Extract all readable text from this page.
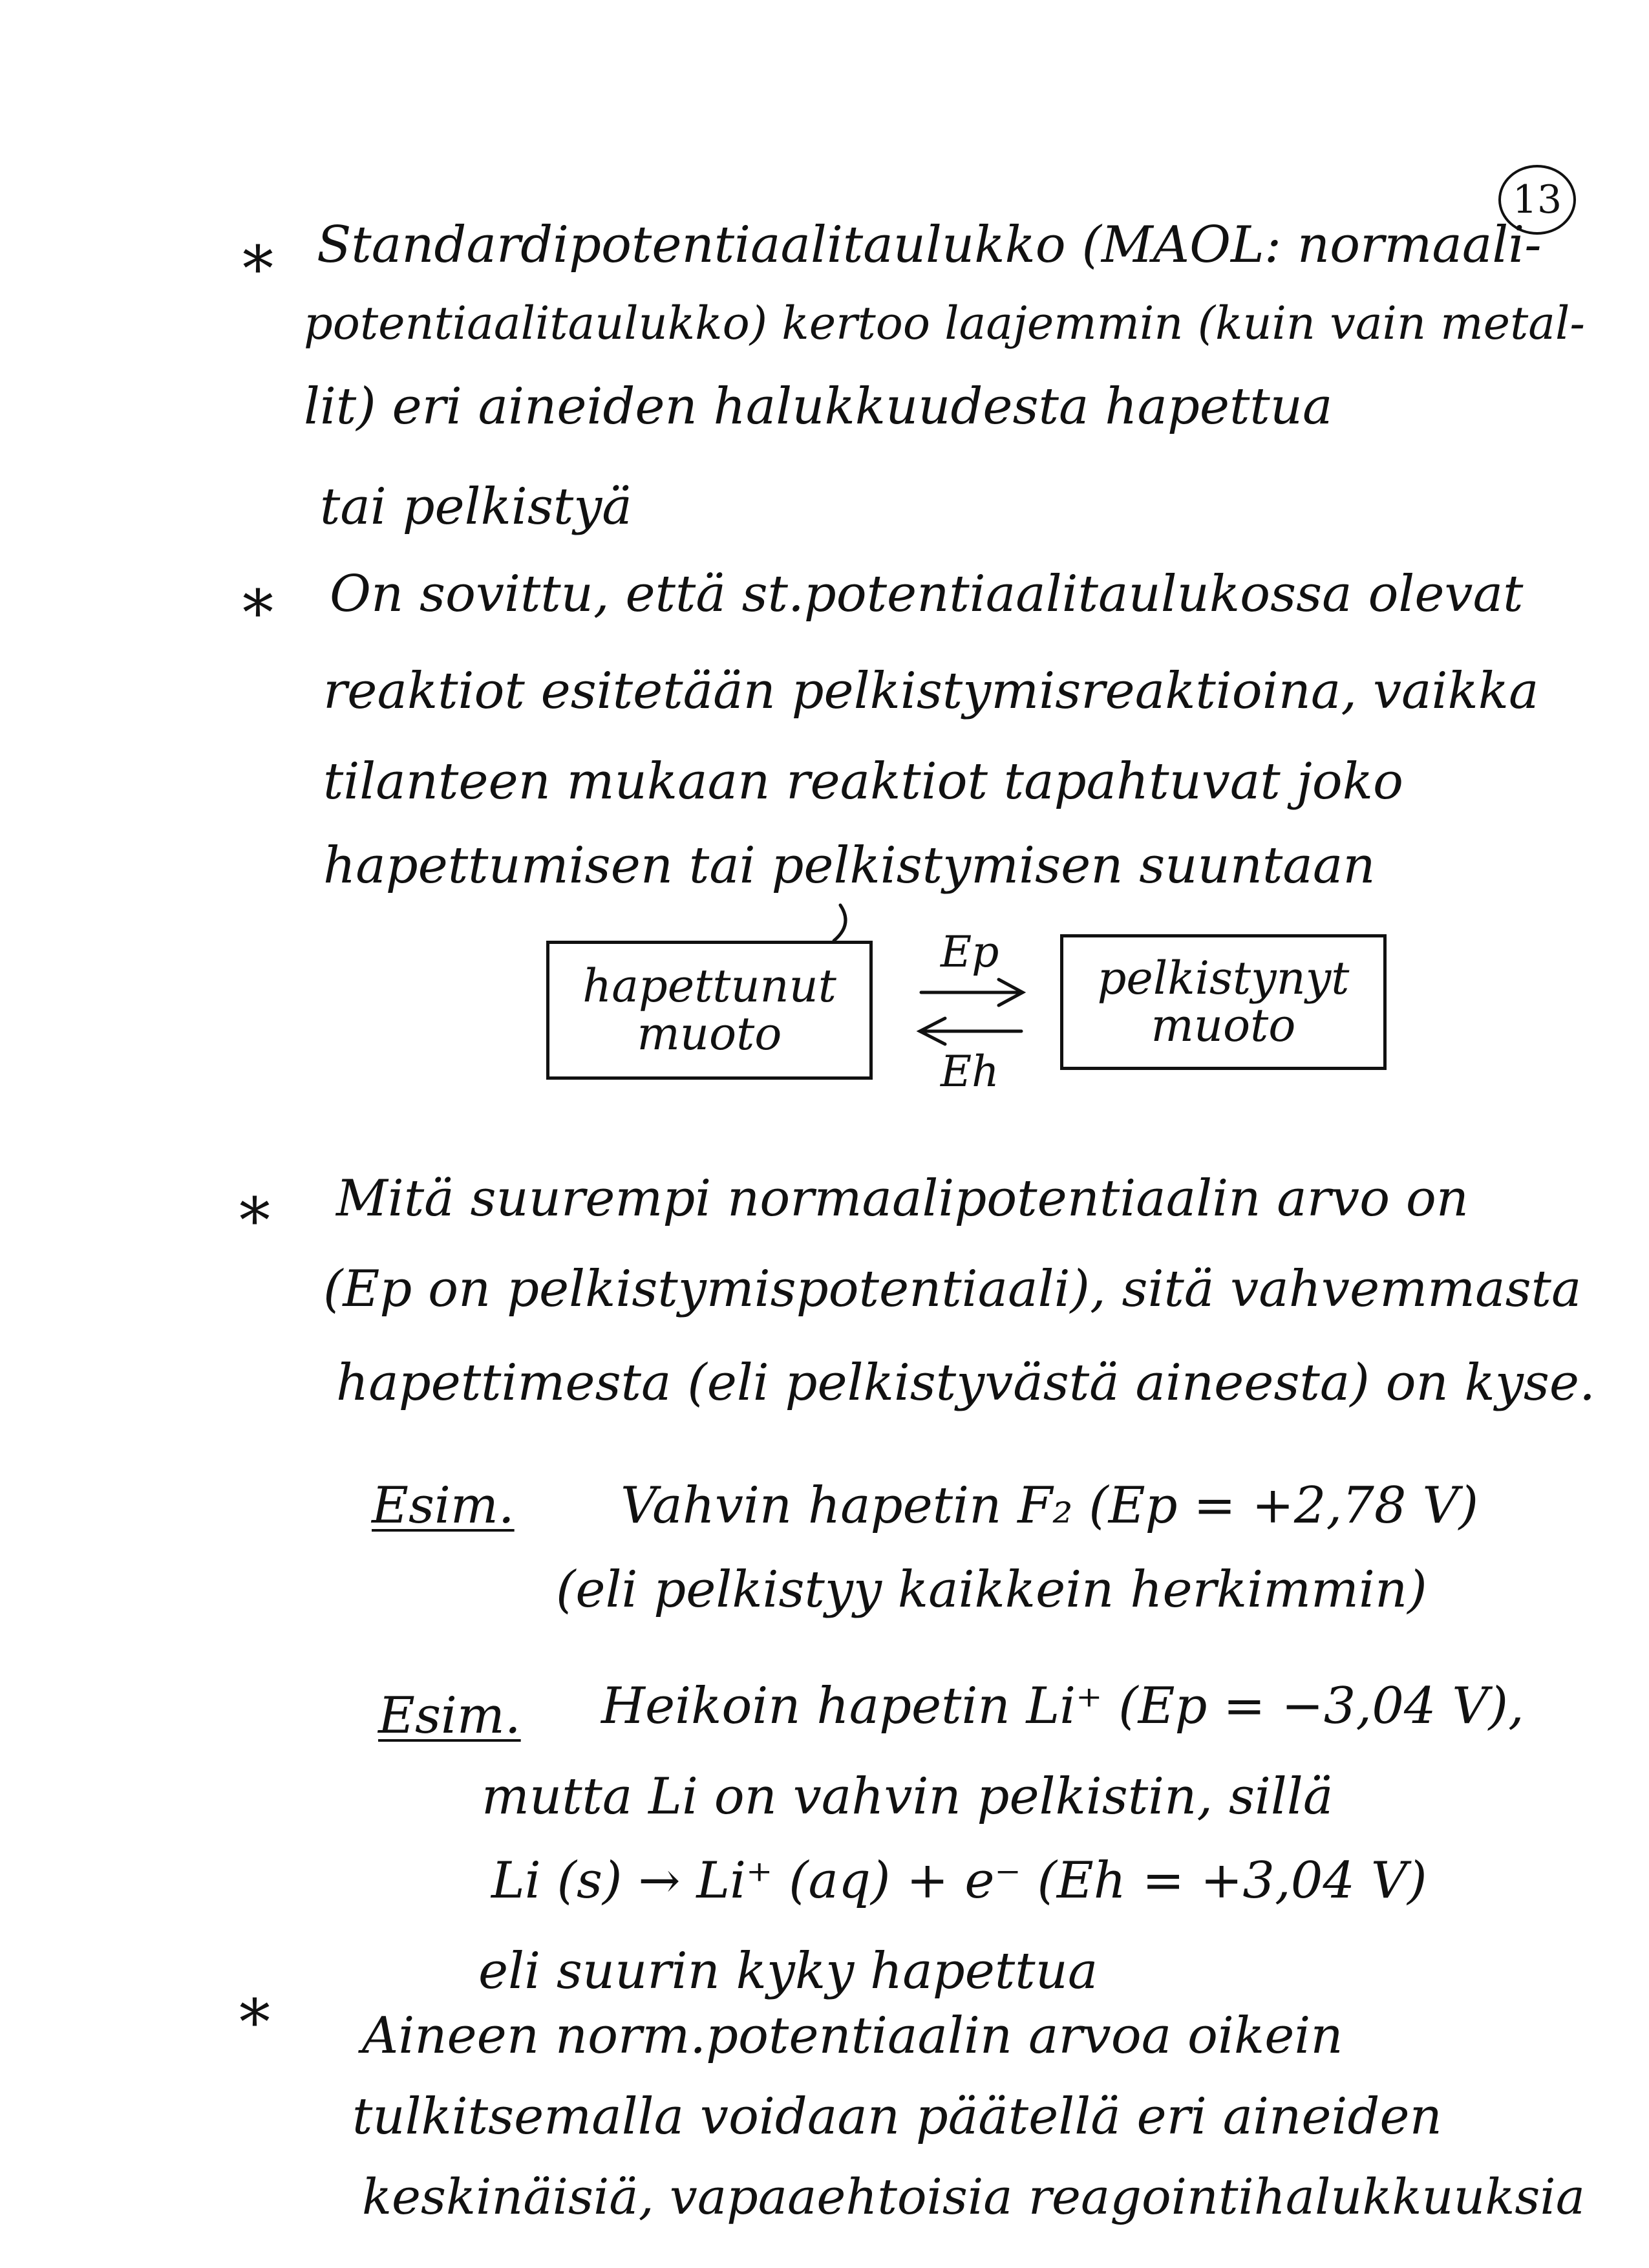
13
* Standardipotentiaalitaulukko (MAOL: normaali-
potentiaalitaulukko) kertoo laajemmin (kuin vain metal-
lit) eri aineiden halukkuudesta hapettua
tai pelkistyä
* On sovittu, että st.potentiaalitaulukossa olevat
reaktiot esitetään pelkistymisreaktioina, vaikka
tilanteen mukaan reaktiot tapahtuvat joko
hapettumisen tai pelkistymisen suuntaan
hapettunut
muoto
pelkistynyt
muoto
Ep
Eh
* Mitä suurempi normaalipotentiaalin arvo on
(Ep on pelkistymispotentiaali), sitä vahvemmasta
hapettimesta (eli pelkistyvästä aineesta) on kyse.
Esim. Vahvin hapetin F₂ (Ep = +2,78 V)
(eli pelkistyy kaikkein herkimmin)
Esim. Heikoin hapetin Li⁺ (Ep = −3,04 V),
mutta Li on vahvin pelkistin, sillä
Li (s) → Li⁺ (aq) + e⁻ (Eh = +3,04 V)
eli suurin kyky hapettua
* Aineen norm.potentiaalin arvoa oikein
tulkitsemalla voidaan päätellä eri aineiden
keskinäisiä, vapaaehtoisia reagointihalukkuuksia
